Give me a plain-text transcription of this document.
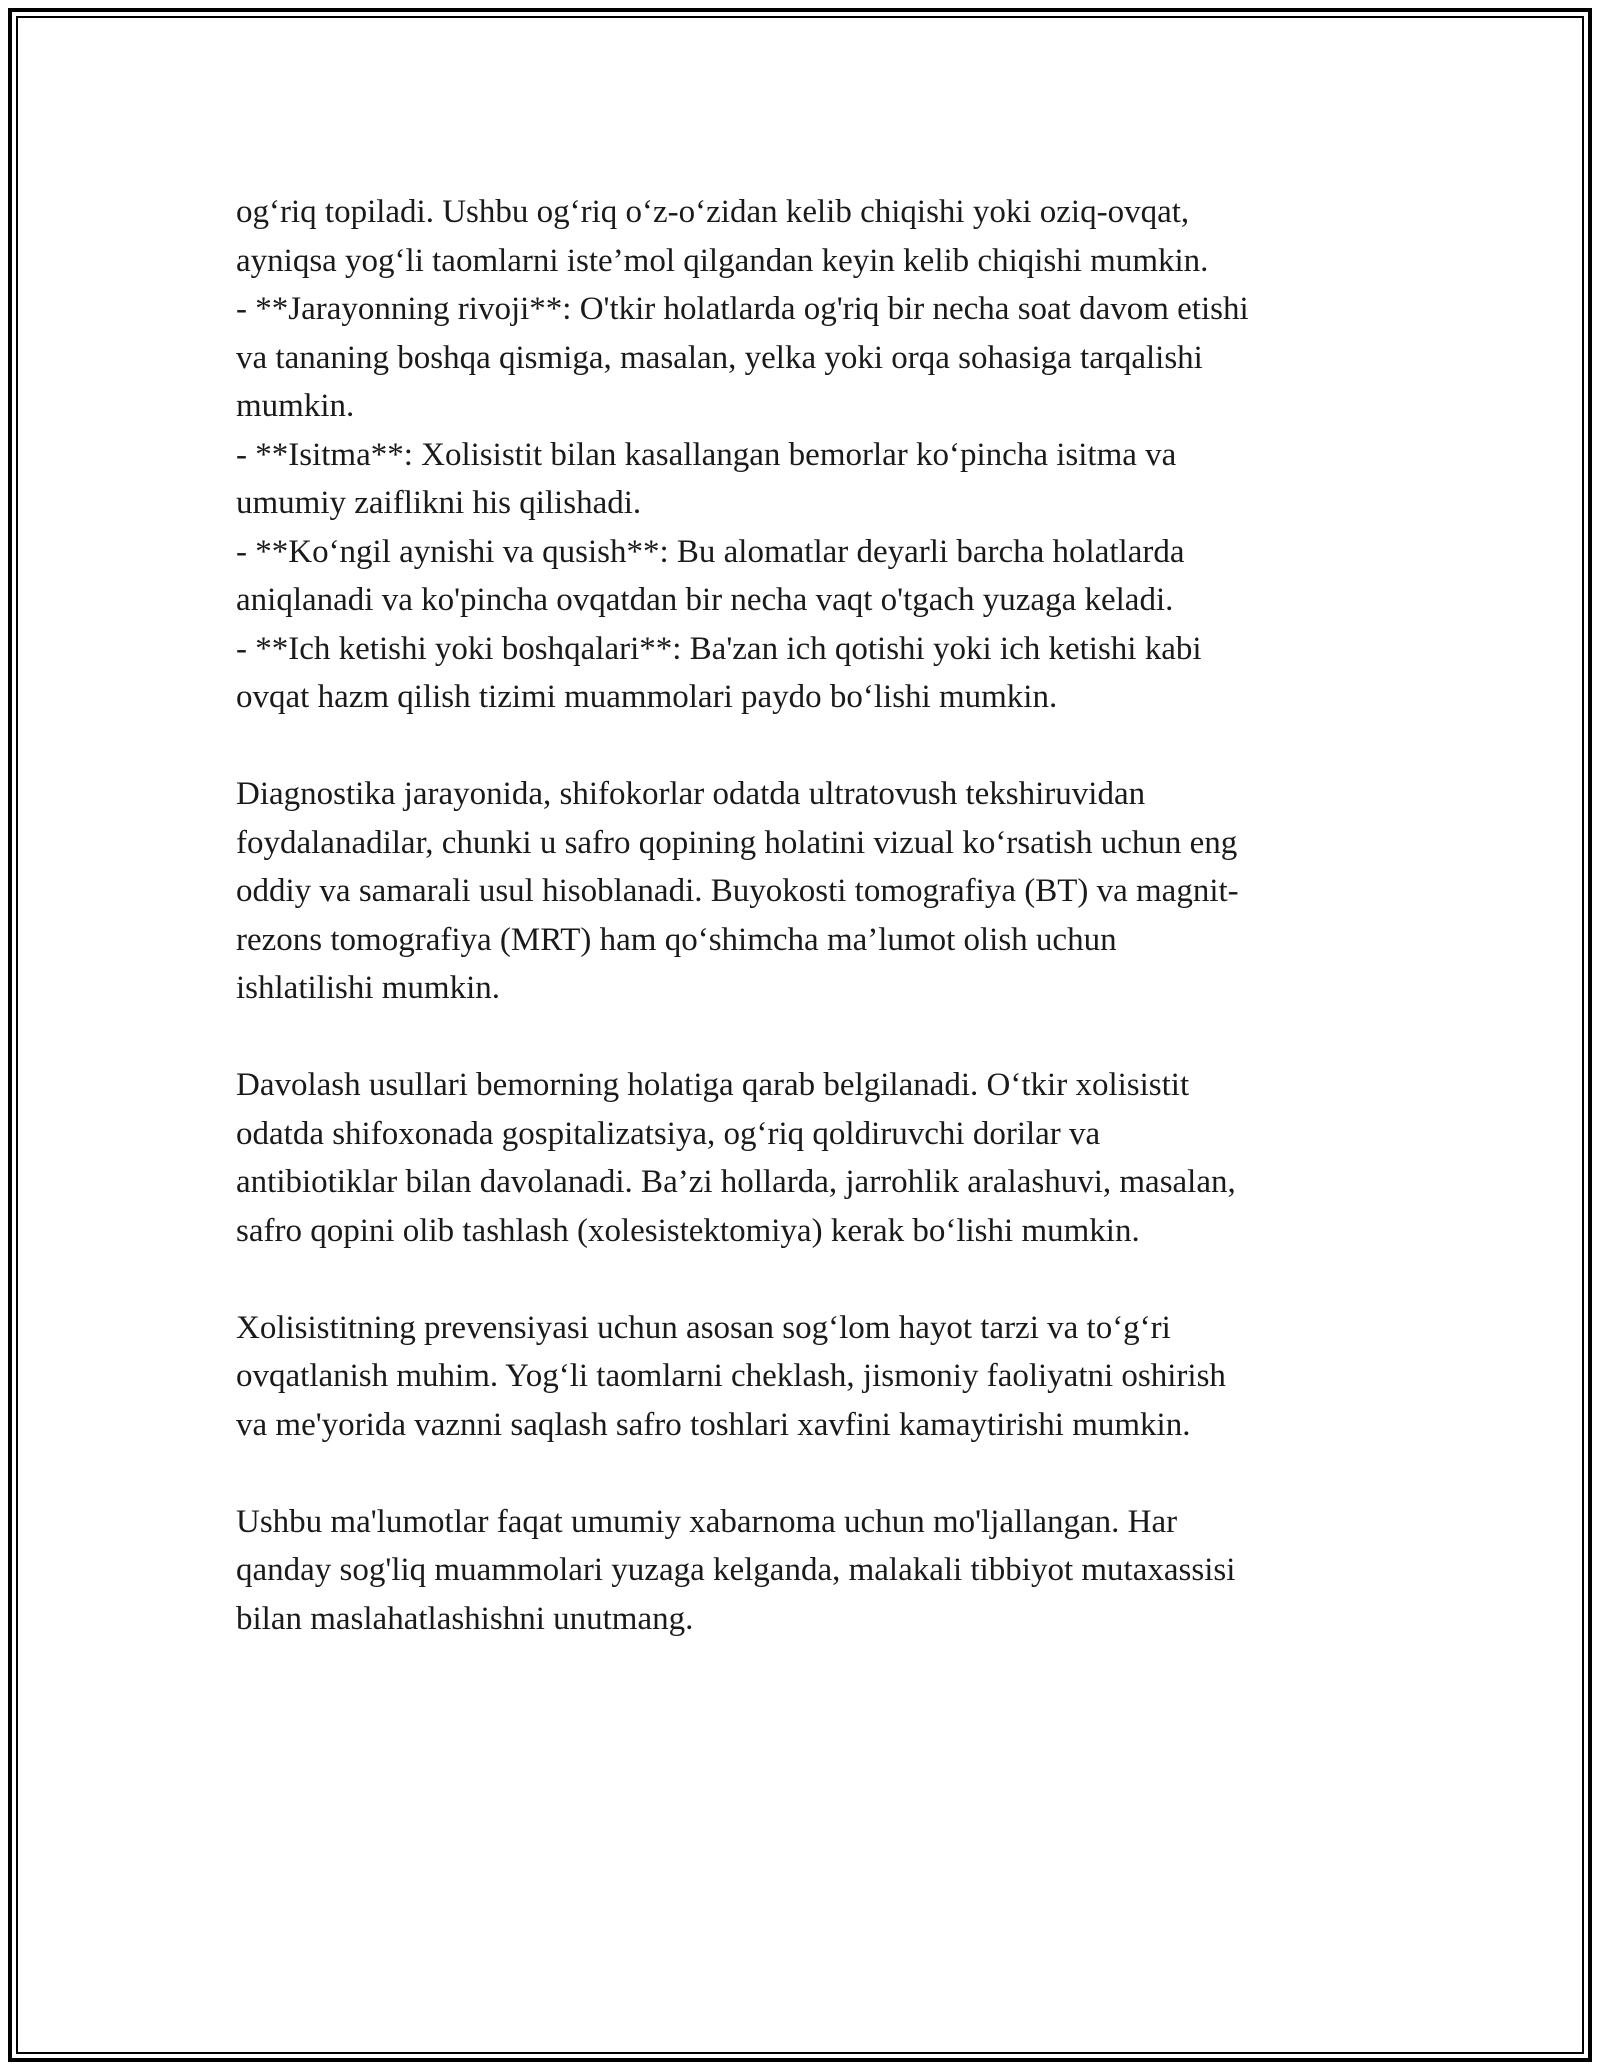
og‘riq topiladi. Ushbu og‘riq o‘z-o‘zidan kelib chiqishi yoki oziq-ovqat,
ayniqsa yog‘li taomlarni iste’mol qilgandan keyin kelib chiqishi mumkin.
- **Jarayonning rivoji**: O'tkir holatlarda og'riq bir necha soat davom etishi
va tananing boshqa qismiga, masalan, yelka yoki orqa sohasiga tarqalishi
mumkin.
- **Isitma**: Xolisistit bilan kasallangan bemorlar ko‘pincha isitma va
umumiy zaiflikni his qilishadi.
- **Ko‘ngil aynishi va qusish**: Bu alomatlar deyarli barcha holatlarda
aniqlanadi va ko'pincha ovqatdan bir necha vaqt o'tgach yuzaga keladi.
- **Ich ketishi yoki boshqalari**: Ba'zan ich qotishi yoki ich ketishi kabi
ovqat hazm qilish tizimi muammolari paydo bo‘lishi mumkin.
Diagnostika jarayonida, shifokorlar odatda ultratovush tekshiruvidan
foydalanadilar, chunki u safro qopining holatini vizual ko‘rsatish uchun eng
oddiy va samarali usul hisoblanadi. Buyokosti tomografiya (BT) va magnit-
rezons tomografiya (MRT) ham qo‘shimcha ma’lumot olish uchun
ishlatilishi mumkin.
Davolash usullari bemorning holatiga qarab belgilanadi. O‘tkir xolisistit
odatda shifoxonada gospitalizatsiya, og‘riq qoldiruvchi dorilar va
antibiotiklar bilan davolanadi. Ba’zi hollarda, jarrohlik aralashuvi, masalan,
safro qopini olib tashlash (xolesistektomiya) kerak bo‘lishi mumkin.
Xolisistitning prevensiyasi uchun asosan sog‘lom hayot tarzi va to‘g‘ri
ovqatlanish muhim. Yog‘li taomlarni cheklash, jismoniy faoliyatni oshirish
va me'yorida vaznni saqlash safro toshlari xavfini kamaytirishi mumkin.
Ushbu ma'lumotlar faqat umumiy xabarnoma uchun mo'ljallangan. Har
qanday sog'liq muammolari yuzaga kelganda, malakali tibbiyot mutaxassisi
bilan maslahatlashishni unutmang.
